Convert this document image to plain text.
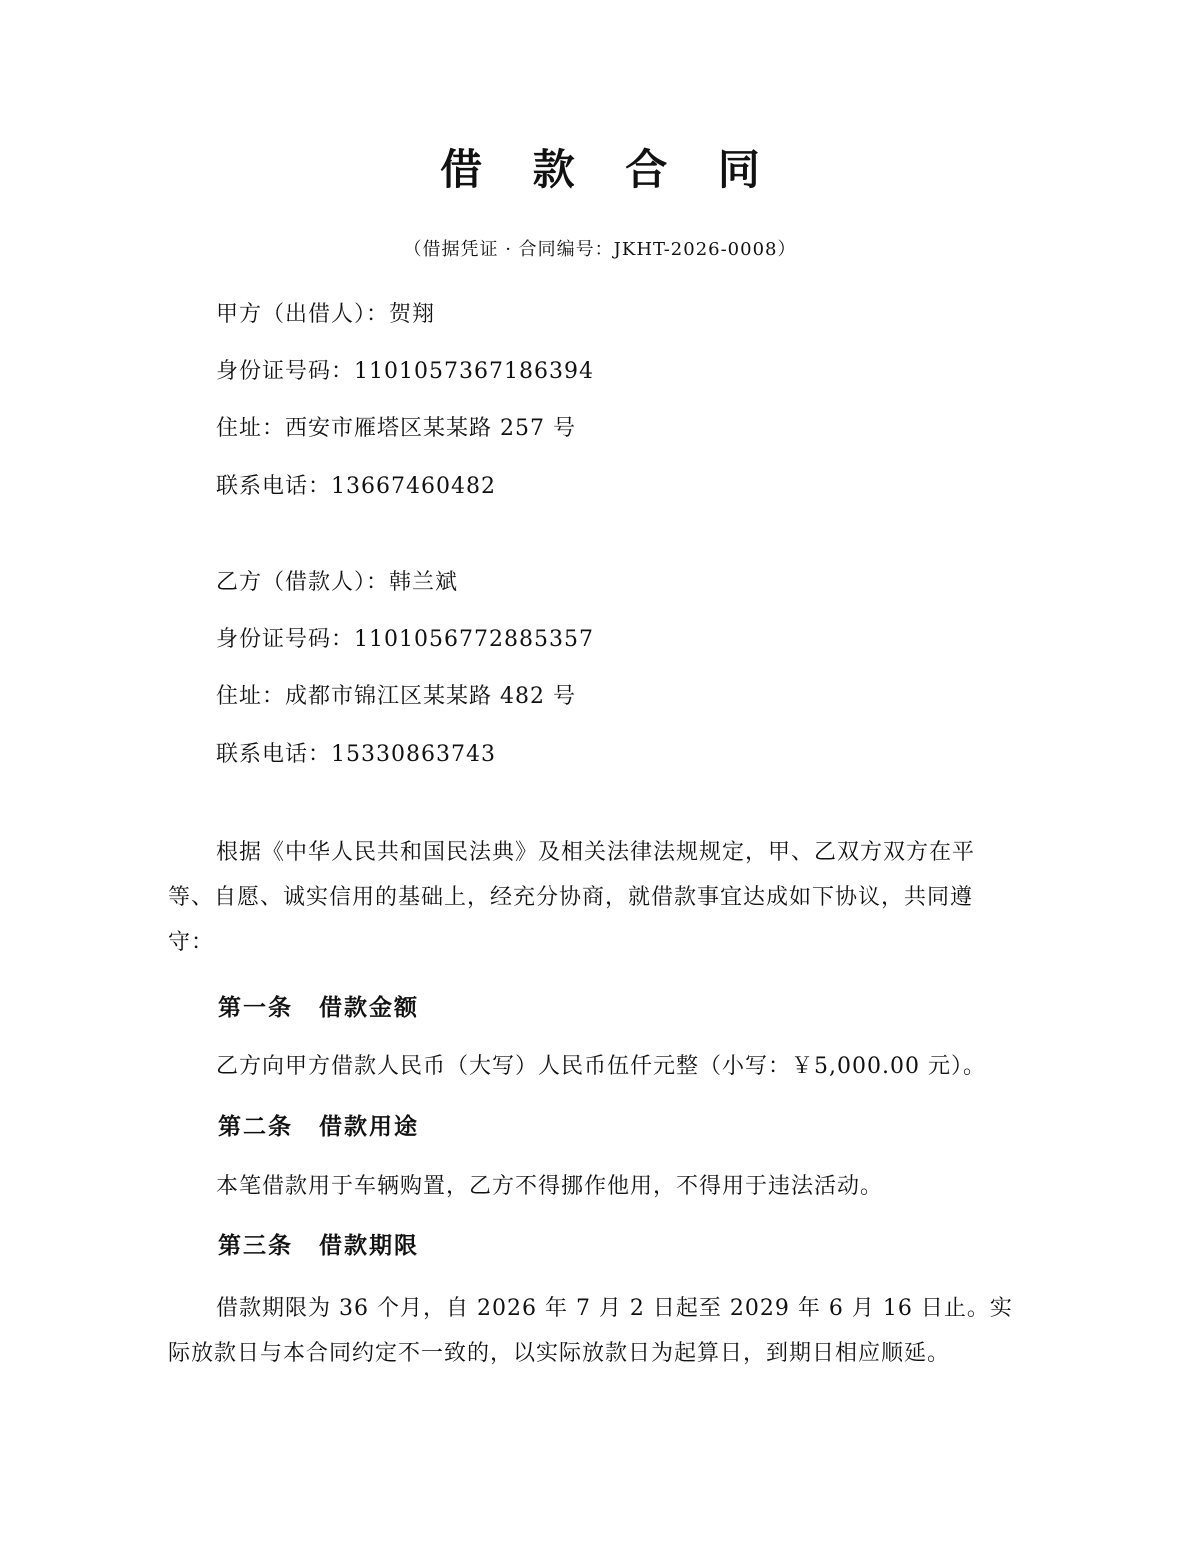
借 款 合 同
（借据凭证 · 合同编号：JKHT-2026-0008）
甲方（出借人）：贺翔
身份证号码：1101057367186394
住址：西安市雁塔区某某路 257 号
联系电话：13667460482
乙方（借款人）：韩兰斌
身份证号码：1101056772885357
住址：成都市锦江区某某路 482 号
联系电话：15330863743
根据《中华人民共和国民法典》及相关法律法规规定，甲、乙双方双方在平等、自愿、诚实信用的基础上，经充分协商，就借款事宜达成如下协议，共同遵守：
第一条 借款金额
乙方向甲方借款人民币（大写）人民币伍仟元整（小写：￥5,000.00 元）。
第二条 借款用途
本笔借款用于车辆购置，乙方不得挪作他用，不得用于违法活动。
第三条 借款期限
借款期限为 36 个月，自 2026 年 7 月 2 日起至 2029 年 6 月 16 日止。实际放款日与本合同约定不一致的，以实际放款日为起算日，到期日相应顺延。
